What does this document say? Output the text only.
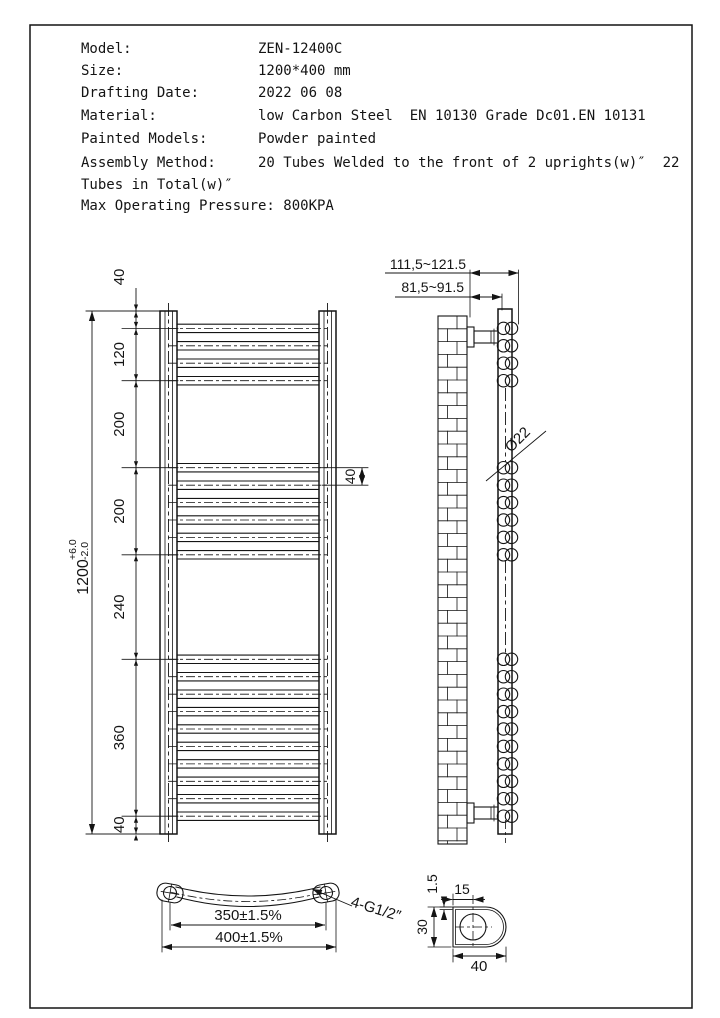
Model:	ZEN-12400C
Size:	1200*400 mm
Drafting Date:	2022 06 08
Material:	low Carbon Steel  EN 10130 Grade Dc01.EN 10131
Painted Models:	Powder painted
Assembly Method:	20 Tubes Welded to the front of 2 uprights(w)″  22
Tubes in Total(w)″
Max Operating Pressure: 800KPA
40
120
200
200
240
360
40
1200
+6.0 -2.0
40
111,5~121.5
81,5~91.5
Ø22
4-G1/2″
350±1.5%
400±1.5%
1.5 15
30
40
